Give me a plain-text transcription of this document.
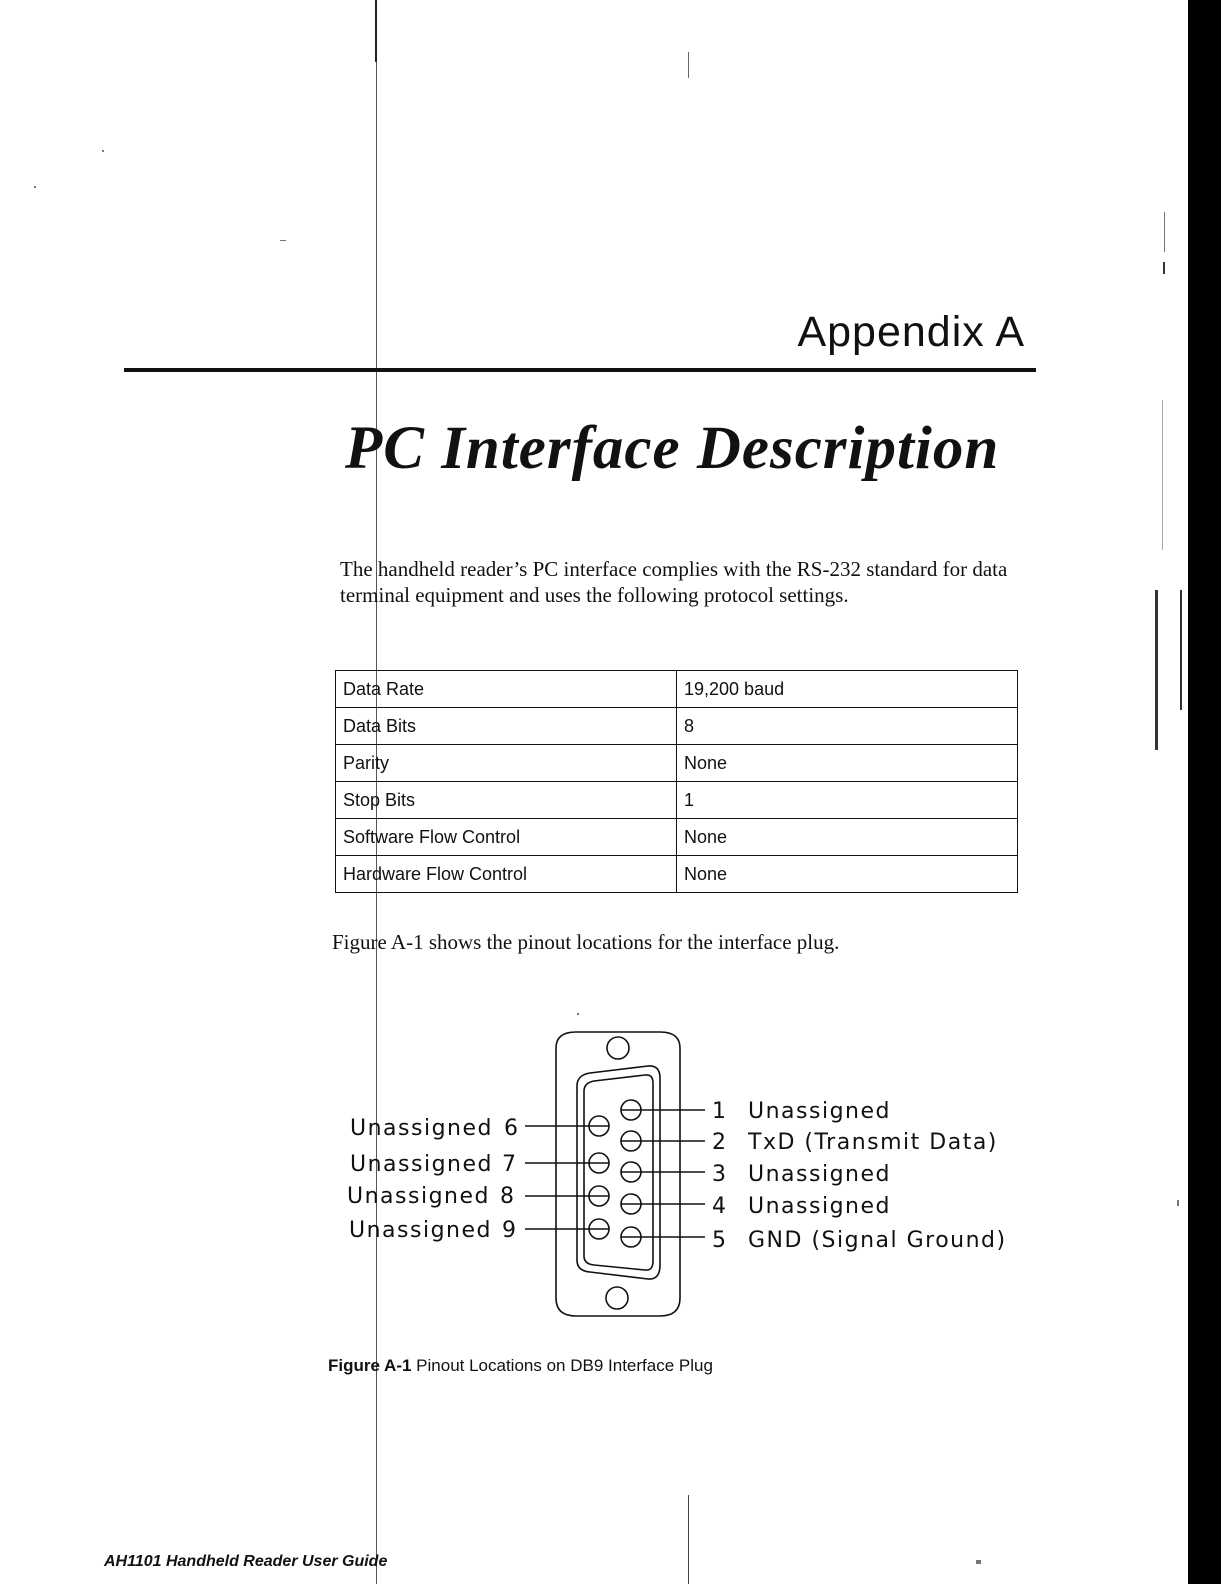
Appendix A
PC Interface Description
The handheld reader’s PC interface complies with the RS-232 standard for data terminal equipment and uses the following protocol settings.
Data Rate	19,200 baud
Data Bits	8
Parity	None
Stop Bits	1
Software Flow Control	None
Hardware Flow Control	None
Figure A-1 shows the pinout locations for the interface plug.
1 Unassigned
2 TxD (Transmit Data)
3 Unassigned
4 Unassigned
5 GND (Signal Ground)
Unassigned 6
Unassigned 7
Unassigned 8
Unassigned 9
Figure A-1 Pinout Locations on DB9 Interface Plug
AH1101 Handheld Reader User Guide
